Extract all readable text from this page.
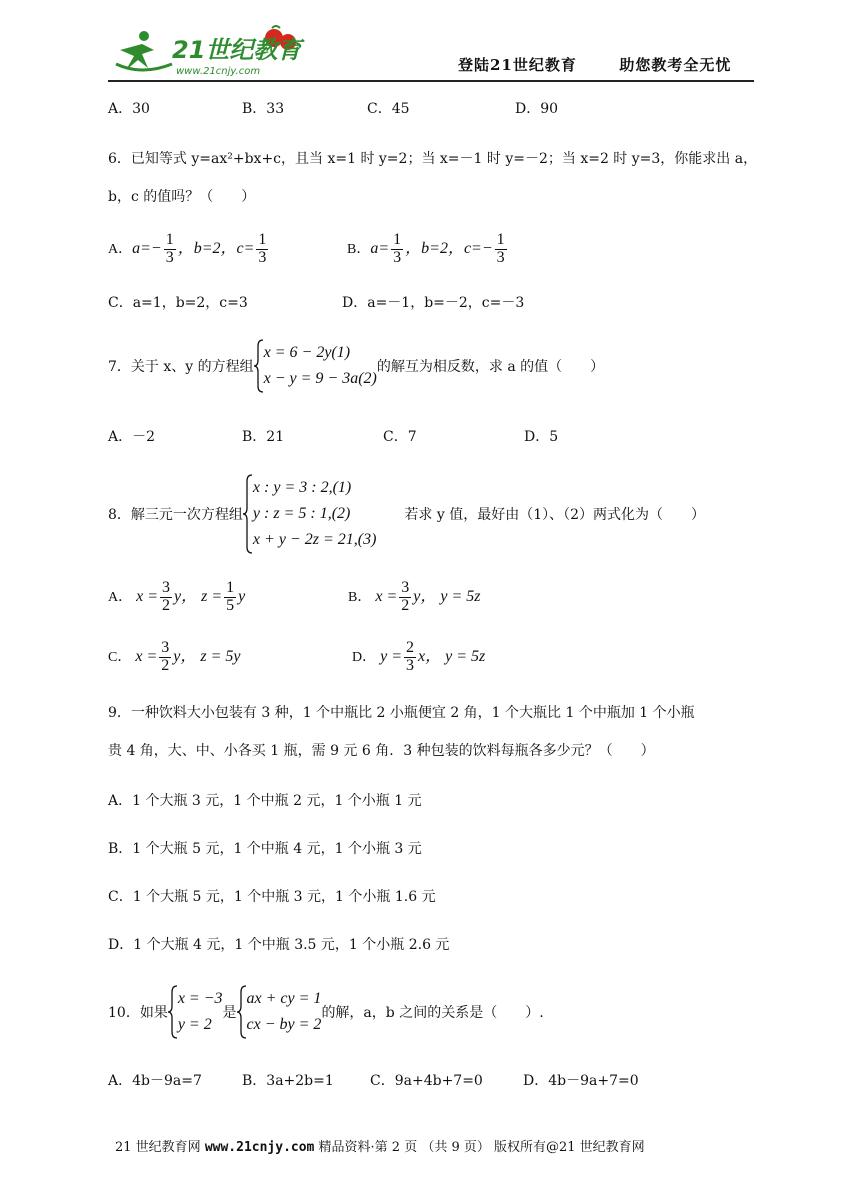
21世纪教育
www.21cnjy.com	登陆21世纪教育	助您教考全无忧
A．30	B．33	C．45	D．90
6．已知等式 y=ax²+bx+c，且当 x=1 时 y=2；当 x=－1 时 y=－2；当 x=2 时 y=3，你能求出 a，
b，c 的值吗？（　　）
A．$a=- \frac{1}{3}$ ，b=2，$c= \frac{1}{3}$	B．$a= \frac{1}{3}$ ，b=2，$c=- \frac{1}{3}$
C．a=1，b=2，c=3	D．a=－1，b=－2，c=－3
7．关于 x、y 的方程组
x = 6 − 2y(1)
x − y = 9 − 3a(2)
的解互为相反数，求 a 的值（　　）
A．－2	B．21	C．7	D．5
8．解三元一次方程组
x : y = 3 : 2,(1)
y : z = 5 : 1,(2)
x + y − 2z = 21,(3)
若求 y 值，最好由（1）、（2）两式化为（　　）
A． $x = \frac{3}{2}$ y， $z = \frac{1}{5}$ y	B． $x = \frac{3}{2}$ y， y = 5z
C． $x = \frac{3}{2}$ y， z = 5y	D． $y = \frac{2}{3}$ x， y = 5z
9．一种饮料大小包装有 3 种，1 个中瓶比 2 小瓶便宜 2 角，1 个大瓶比 1 个中瓶加 1 个小瓶
贵 4 角，大、中、小各买 1 瓶，需 9 元 6 角．3 种包装的饮料每瓶各多少元？（　　）
A．1 个大瓶 3 元，1 个中瓶 2 元，1 个小瓶 1 元
B．1 个大瓶 5 元，1 个中瓶 4 元，1 个小瓶 3 元
C．1 个大瓶 5 元，1 个中瓶 3 元，1 个小瓶 1.6 元
D．1 个大瓶 4 元，1 个中瓶 3.5 元，1 个小瓶 2.6 元
10．如果
x = −3
y = 2
是
ax + cy = 1
cx − by = 2
的解，a，b 之间的关系是（　　）.
A．4b－9a=7	B．3a+2b=1	C．9a+4b+7=0	D．4b－9a+7=0
21 世纪教育网 www.21cnjy.com 精品资料·第 2 页 （共 9 页） 版权所有@21 世纪教育网
